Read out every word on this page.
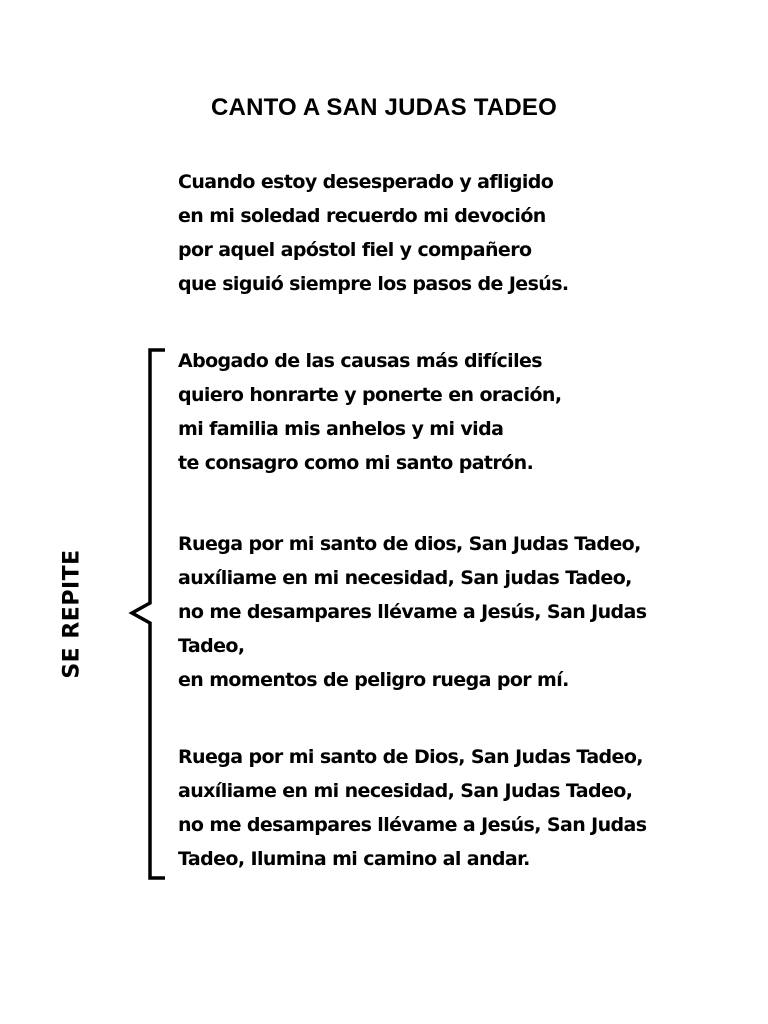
CANTO A SAN JUDAS TADEO
Cuando estoy desesperado y afligido
en mi soledad recuerdo mi devoción
por aquel apóstol fiel y compañero
que siguió siempre los pasos de Jesús.
SE REPITE
Abogado de las causas más difíciles
quiero honrarte y ponerte en oración,
mi familia mis anhelos y mi vida
te consagro como mi santo patrón.
Ruega por mi santo de dios, San Judas Tadeo,
auxíliame en mi necesidad, San judas Tadeo,
no me desampares llévame a Jesús, San Judas
Tadeo,
en momentos de peligro ruega por mí.
Ruega por mi santo de Dios, San Judas Tadeo,
auxíliame en mi necesidad, San Judas Tadeo,
no me desampares llévame a Jesús, San Judas
Tadeo, Ilumina mi camino al andar.
